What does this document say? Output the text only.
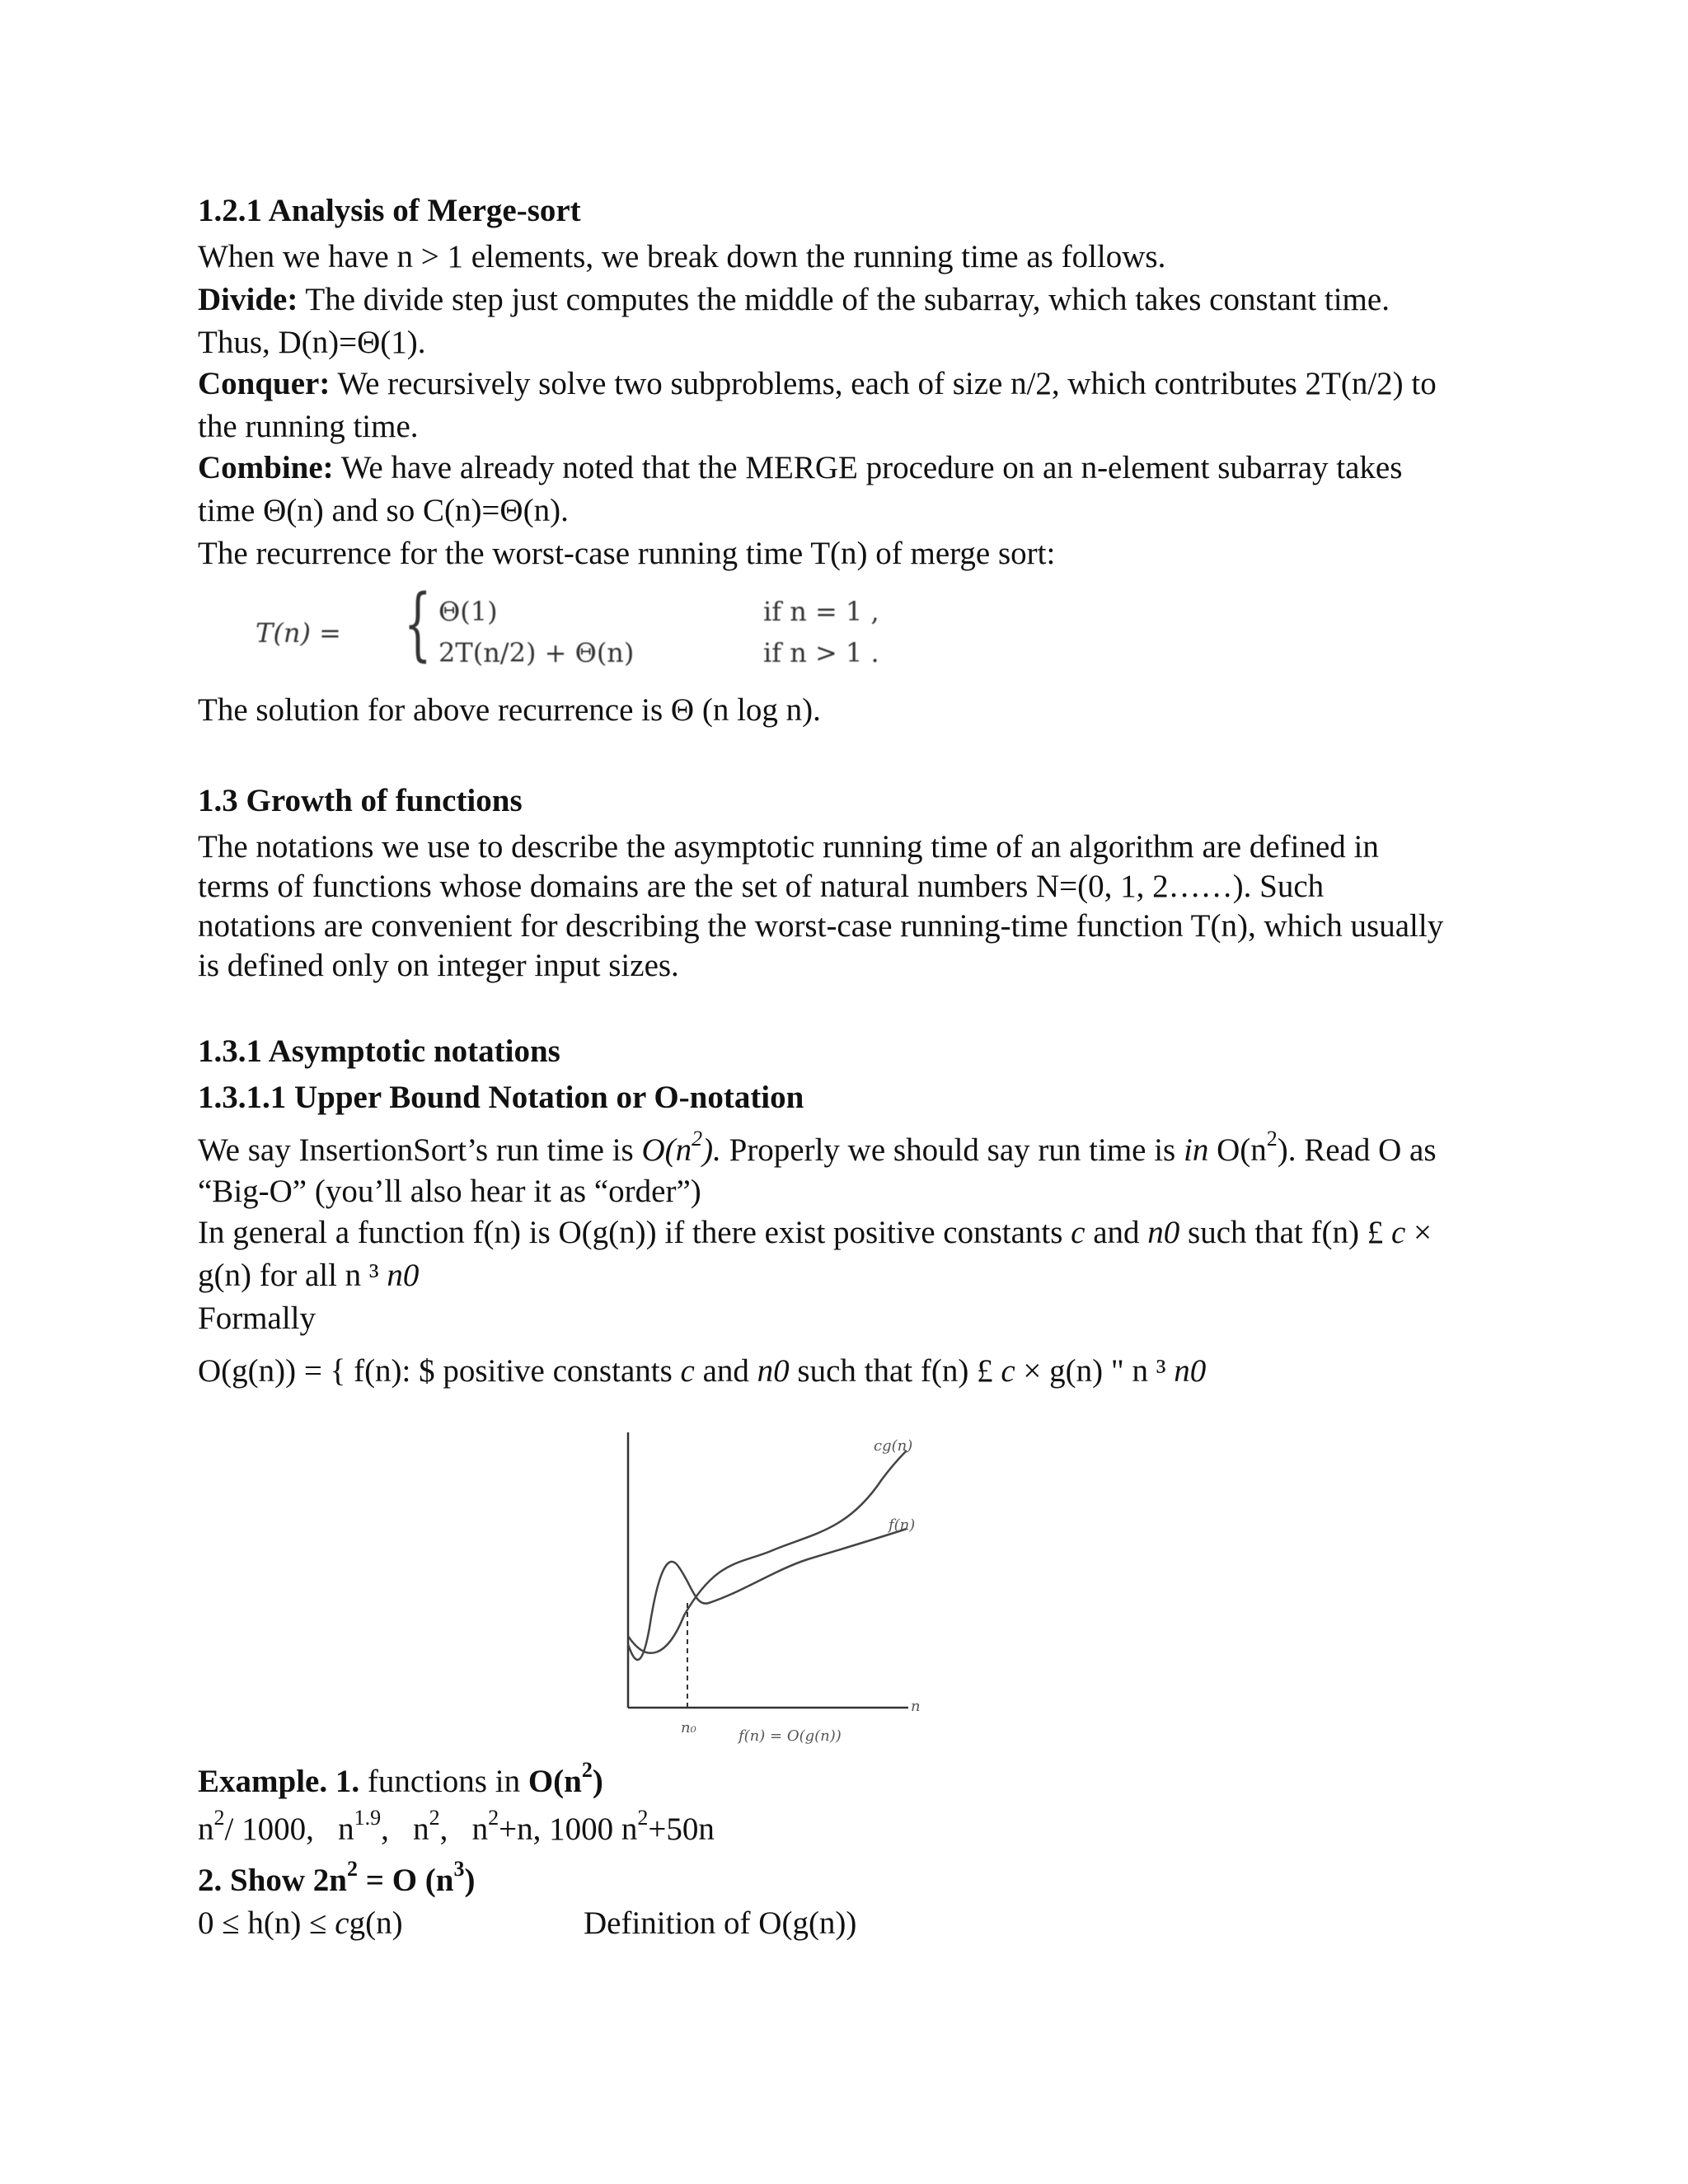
1.2.1 Analysis of Merge-sort
When we have n > 1 elements, we break down the running time as follows.
Divide: The divide step just computes the middle of the subarray, which takes constant time.
Thus, D(n)=Θ(1).
Conquer: We recursively solve two subproblems, each of size n/2, which contributes 2T(n/2) to
the running time.
Combine: We have already noted that the MERGE procedure on an n-element subarray takes
time Θ(n) and so C(n)=Θ(n).
The recurrence for the worst-case running time T(n) of merge sort:
T(n) = { Θ(1)	if n = 1 ,
2T(n/2) + Θ(n)	if n > 1 .
The solution for above recurrence is Θ (n log n).
1.3 Growth of functions
The notations we use to describe the asymptotic running time of an algorithm are defined in
terms of functions whose domains are the set of natural numbers N=(0, 1, 2……). Such
notations are convenient for describing the worst-case running-time function T(n), which usually
is defined only on integer input sizes.
1.3.1 Asymptotic notations
1.3.1.1 Upper Bound Notation or O-notation
We say InsertionSort’s run time is $O(n^2)$. Properly we should say run time is in $O(n^2)$. Read O as
“Big-O” (you’ll also hear it as “order”)
In general a function f(n) is O(g(n)) if there exist positive constants c and n0 such that f(n) £ c ×
g(n) for all n ³ n0
Formally
O(g(n)) = { f(n): $ positive constants c and n0 such that f(n) £ c × g(n) " n ³ n0
cg(n)
f(n)
n
n₀	f(n) = O(g(n))
Example. 1. functions in $O(n^2)$
$n^2/$ 1000,   $n^{1.9}$,   $n^2$,   $n^2+n$, 1000 $n^2+50n$
2. Show $2n^2 = O$ $(n^3)$
0 ≤ h(n) ≤ cg(n)	Definition of O(g(n))
